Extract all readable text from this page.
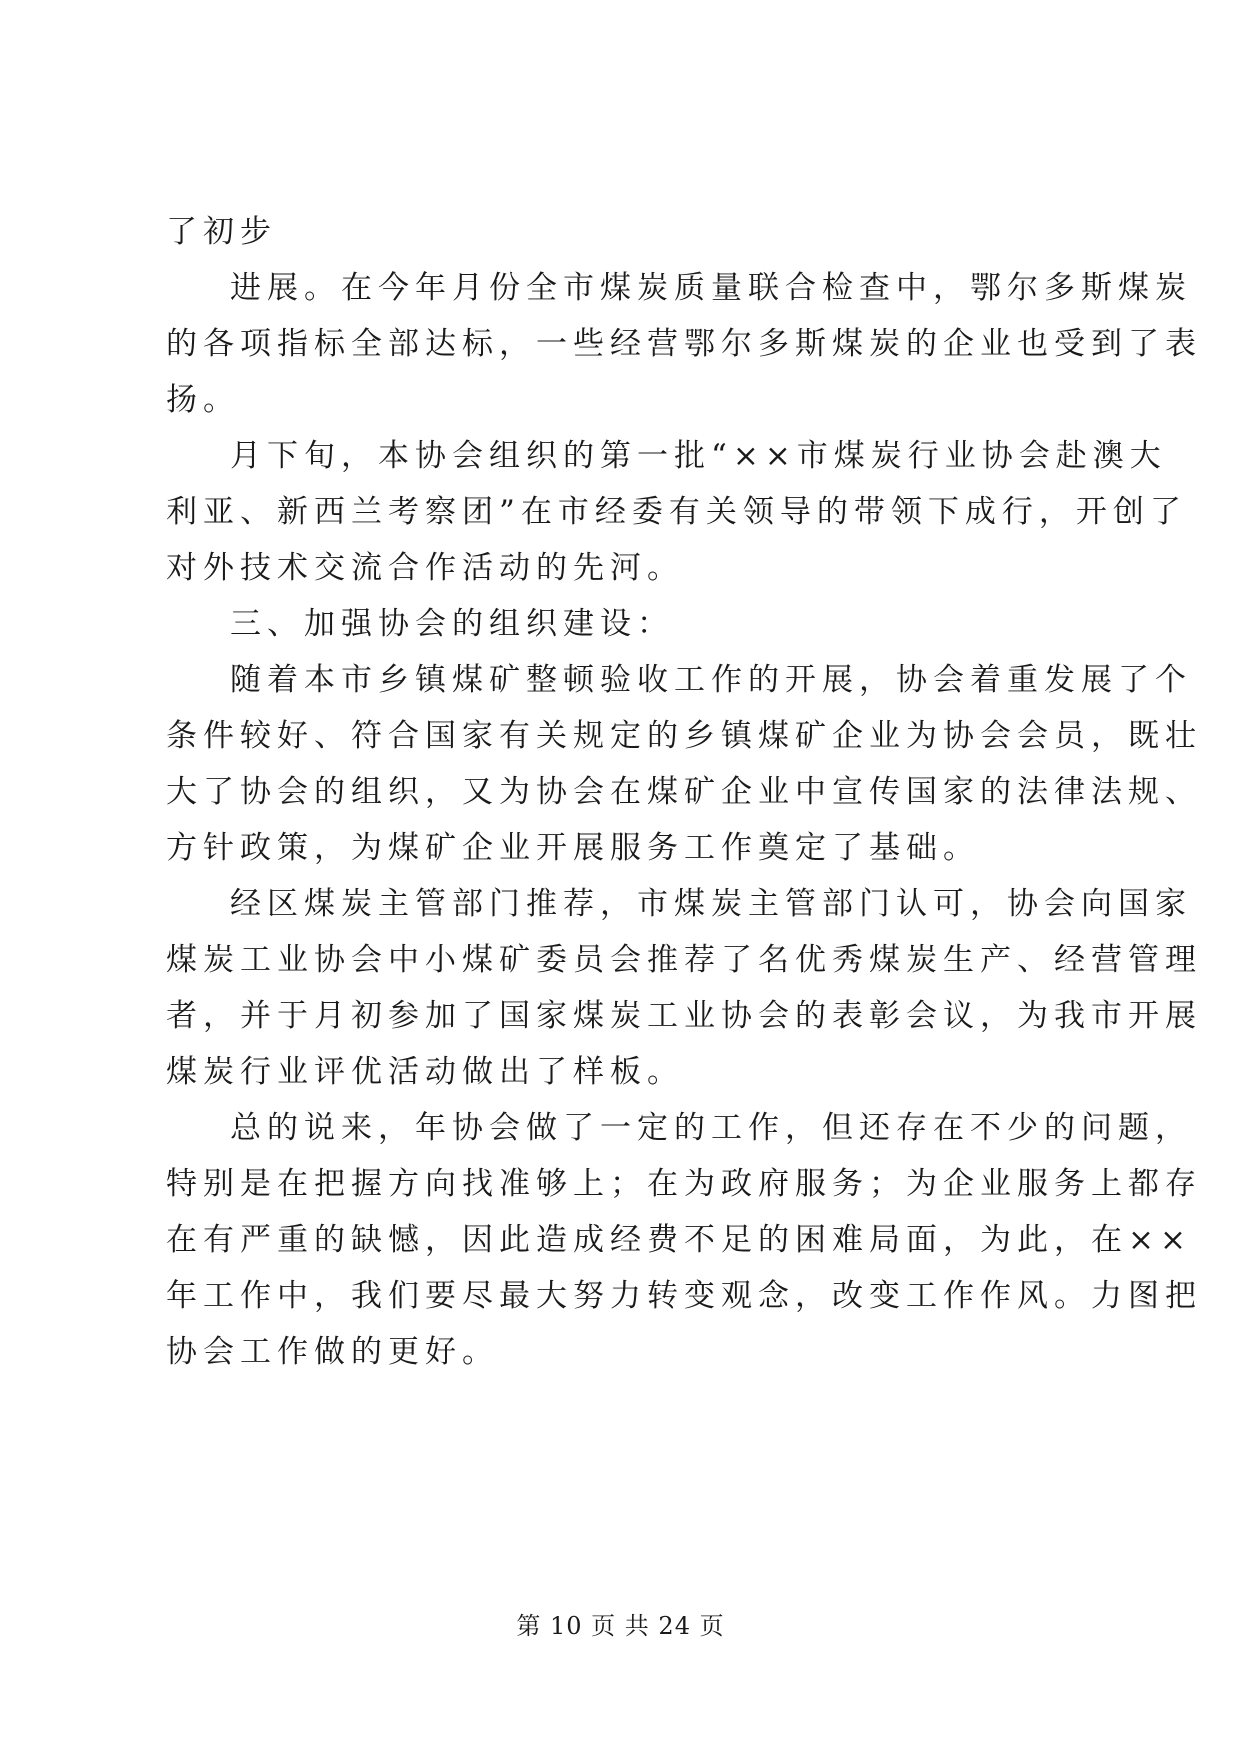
了初步
进展。在今年月份全市煤炭质量联合检查中，鄂尔多斯煤炭
的各项指标全部达标，一些经营鄂尔多斯煤炭的企业也受到了表
扬。
月下旬，本协会组织的第一批“××市煤炭行业协会赴澳大
利亚、新西兰考察团”在市经委有关领导的带领下成行，开创了
对外技术交流合作活动的先河。
三、加强协会的组织建设：
随着本市乡镇煤矿整顿验收工作的开展，协会着重发展了个
条件较好、符合国家有关规定的乡镇煤矿企业为协会会员，既壮
大了协会的组织，又为协会在煤矿企业中宣传国家的法律法规、
方针政策，为煤矿企业开展服务工作奠定了基础。
经区煤炭主管部门推荐，市煤炭主管部门认可，协会向国家
煤炭工业协会中小煤矿委员会推荐了名优秀煤炭生产、经营管理
者，并于月初参加了国家煤炭工业协会的表彰会议，为我市开展
煤炭行业评优活动做出了样板。
总的说来，年协会做了一定的工作，但还存在不少的问题，
特别是在把握方向找准够上；在为政府服务；为企业服务上都存
在有严重的缺憾，因此造成经费不足的困难局面，为此，在××
年工作中，我们要尽最大努力转变观念，改变工作作风。力图把
协会工作做的更好。
第 10 页 共 24 页
